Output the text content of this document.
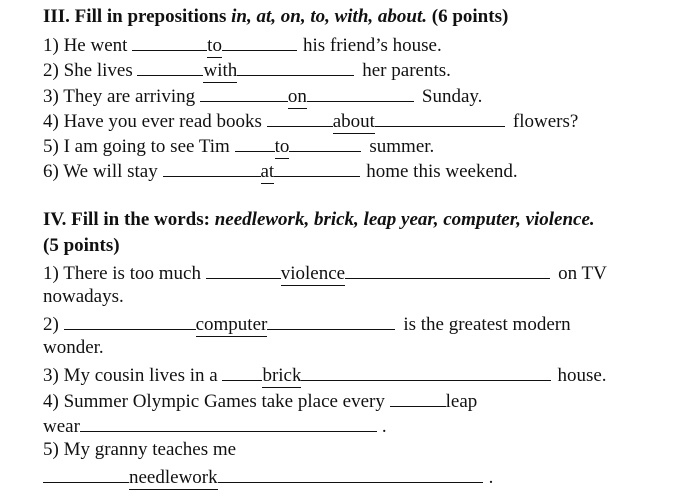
III. Fill in prepositions in, at, on, to, with, about. (6 points)
1) He went	to	his friend’s house.
2) She lives	with	her parents.
3) They are arriving	on	Sunday.
4) Have you ever read books	about	flowers?
5) I am going to see Tim to	summer.
6) We will stay	at	home this weekend.
IV. Fill in the words: needlework, brick, leap year, computer, violence.
(5 points)
1) There is too much	violence	on TV
nowadays.
2)	computer	is the greatest modern
wonder.
3) My cousin lives in a brick	house.
4) Summer Olympic Games take place every	leap
wear	.
5) My granny teaches me
needlework	.
